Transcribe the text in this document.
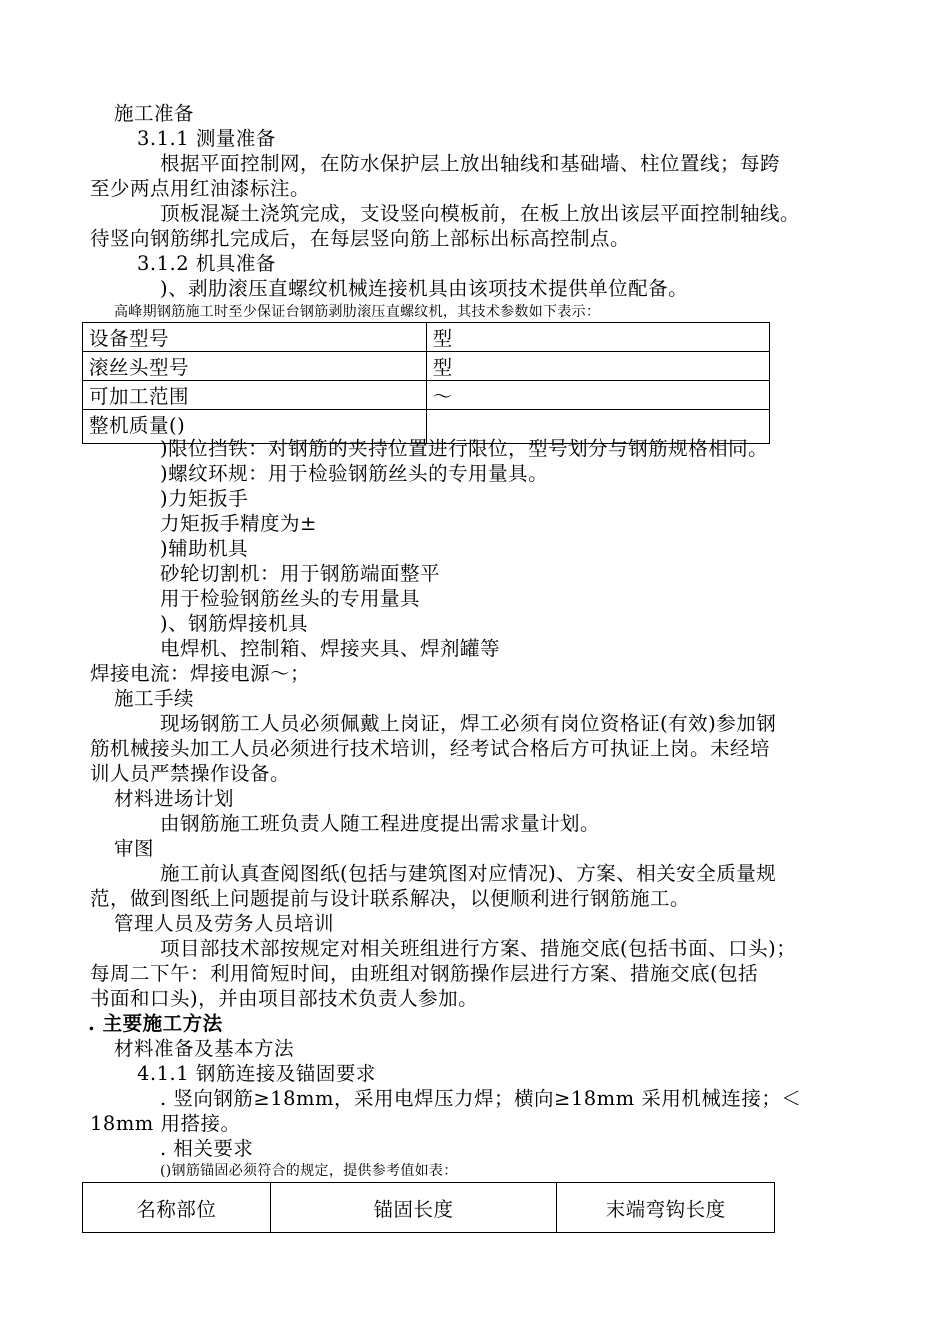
施工准备
3.1.1 测量准备
根据平面控制网，在防水保护层上放出轴线和基础墙、柱位置线；每跨
至少两点用红油漆标注。
顶板混凝土浇筑完成，支设竖向模板前，在板上放出该层平面控制轴线。
待竖向钢筋绑扎完成后，在每层竖向筋上部标出标高控制点。
3.1.2 机具准备
)、剥肋滚压直螺纹机械连接机具由该项技术提供单位配备。
高峰期钢筋施工时至少保证台钢筋剥肋滚压直螺纹机，其技术参数如下表示：
设备型号	型
滚丝头型号	型
可加工范围	～
整机质量()	
)限位挡铁：对钢筋的夹持位置进行限位，型号划分与钢筋规格相同。
)螺纹环规：用于检验钢筋丝头的专用量具。
)力矩扳手
力矩扳手精度为±
)辅助机具
砂轮切割机：用于钢筋端面整平
用于检验钢筋丝头的专用量具
)、钢筋焊接机具
电焊机、控制箱、焊接夹具、焊剂罐等
焊接电流：焊接电源～；
施工手续
现场钢筋工人员必须佩戴上岗证，焊工必须有岗位资格证(有效)参加钢
筋机械接头加工人员必须进行技术培训，经考试合格后方可执证上岗。未经培
训人员严禁操作设备。
材料进场计划
由钢筋施工班负责人随工程进度提出需求量计划。
审图
施工前认真查阅图纸(包括与建筑图对应情况)、方案、相关安全质量规
范，做到图纸上问题提前与设计联系解决，以便顺利进行钢筋施工。
管理人员及劳务人员培训
项目部技术部按规定对相关班组进行方案、措施交底(包括书面、口头)；
每周二下午：利用简短时间，由班组对钢筋操作层进行方案、措施交底(包括
书面和口头)，并由项目部技术负责人参加。
. 主要施工方法
材料准备及基本方法
4.1.1 钢筋连接及锚固要求
. 竖向钢筋≥18mm，采用电焊压力焊；横向≥18mm 采用机械连接；＜
18mm 用搭接。
. 相关要求
()钢筋锚固必须符合的规定，提供参考值如表：
名称部位	锚固长度	末端弯钩长度
